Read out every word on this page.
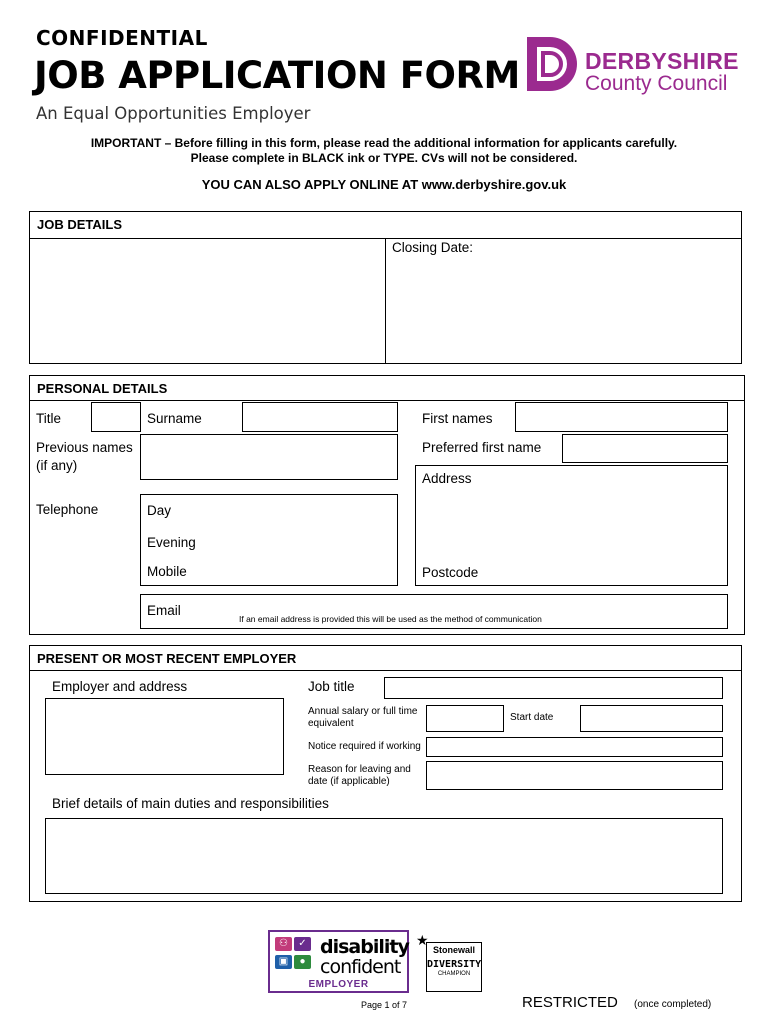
CONFIDENTIAL
JOB APPLICATION FORM
An Equal Opportunities Employer
DERBYSHIRE
County Council
IMPORTANT – Before filling in this form, please read the additional information for applicants carefully.
Please complete in BLACK ink or TYPE. CVs will not be considered.
YOU CAN ALSO APPLY ONLINE AT www.derbyshire.gov.uk
JOB DETAILS
Closing Date:
PERSONAL DETAILS
Title	Surname	First names
Previous names
(if any)
Preferred first name
Address
Postcode
Telephone	Day
Evening
Mobile
Email
If an email address is provided this will be used as the method of communication
PRESENT OR MOST RECENT EMPLOYER
Employer and address	Job title
Annual salary or full time equivalent
Start date
Notice required if working
Reason for leaving and date (if applicable)
Brief details of main duties and responsibilities
⚇	✓
▣	●
disability
confident
EMPLOYER
★
Stonewall
DIVERSITY
CHAMPION
Page 1 of 7	RESTRICTED (once completed)
